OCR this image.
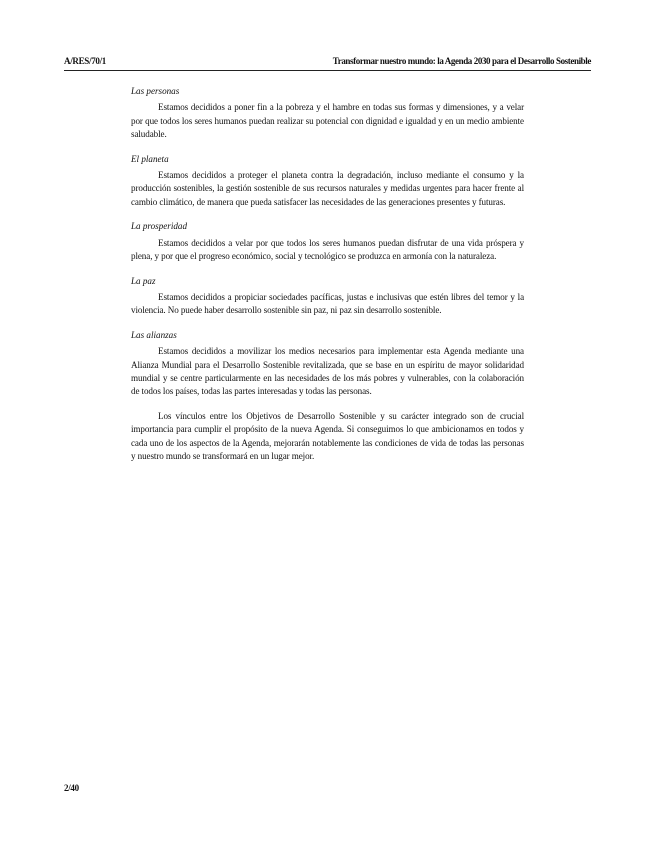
A/RES/70/1	Transformar nuestro mundo: la Agenda 2030 para el Desarrollo Sostenible

Las personas

Estamos decididos a poner fin a la pobreza y el hambre en todas sus formas y dimensiones, y a velar por que todos los seres humanos puedan realizar su potencial con dignidad e igualdad y en un medio ambiente saludable.

El planeta

Estamos decididos a proteger el planeta contra la degradación, incluso mediante el consumo y la producción sostenibles, la gestión sostenible de sus recursos naturales y medidas urgentes para hacer frente al cambio climático, de manera que pueda satisfacer las necesidades de las generaciones presentes y futuras.

La prosperidad

Estamos decididos a velar por que todos los seres humanos puedan disfrutar de una vida próspera y plena, y por que el progreso económico, social y tecnológico se produzca en armonía con la naturaleza.

La paz

Estamos decididos a propiciar sociedades pacíficas, justas e inclusivas que estén libres del temor y la violencia. No puede haber desarrollo sostenible sin paz, ni paz sin desarrollo sostenible.

Las alianzas

Estamos decididos a movilizar los medios necesarios para implementar esta Agenda mediante una Alianza Mundial para el Desarrollo Sostenible revitalizada, que se base en un espíritu de mayor solidaridad mundial y se centre particularmente en las necesidades de los más pobres y vulnerables, con la colaboración de todos los países, todas las partes interesadas y todas las personas.

Los vínculos entre los Objetivos de Desarrollo Sostenible y su carácter integrado son de crucial importancia para cumplir el propósito de la nueva Agenda. Si conseguimos lo que ambicionamos en todos y cada uno de los aspectos de la Agenda, mejorarán notablemente las condiciones de vida de todas las personas y nuestro mundo se transformará en un lugar mejor.

2/40
